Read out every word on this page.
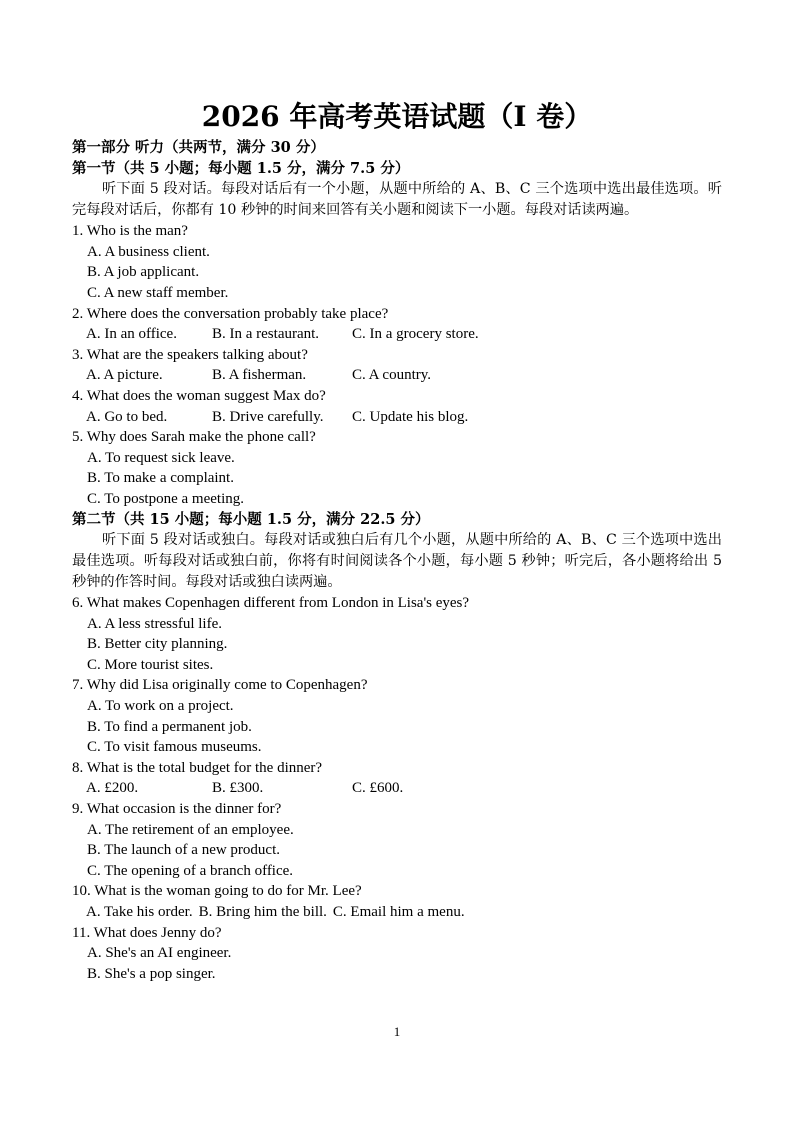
2026 年高考英语试题（I 卷）
第一部分 听力（共两节，满分 30 分）
第一节（共 5 小题；每小题 1.5 分，满分 7.5 分）
听下面 5 段对话。每段对话后有一个小题，从题中所给的 A、B、C 三个选项中选出最佳选项。听完每段对话后，你都有 10 秒钟的时间来回答有关小题和阅读下一小题。每段对话读两遍。
1. Who is the man?
A. A business client.
B. A job applicant.
C. A new staff member.
2. Where does the conversation probably take place?
A. In an office.	B. In a restaurant.	C. In a grocery store.
3. What are the speakers talking about?
A. A picture.	B. A fisherman.	C. A country.
4. What does the woman suggest Max do?
A. Go to bed.	B. Drive carefully.	C. Update his blog.
5. Why does Sarah make the phone call?
A. To request sick leave.
B. To make a complaint.
C. To postpone a meeting.
第二节（共 15 小题；每小题 1.5 分，满分 22.5 分）
听下面 5 段对话或独白。每段对话或独白后有几个小题，从题中所给的 A、B、C 三个选项中选出最佳选项。听每段对话或独白前，你将有时间阅读各个小题，每小题 5 秒钟；听完后，各小题将给出 5 秒钟的作答时间。每段对话或独白读两遍。
6. What makes Copenhagen different from London in Lisa's eyes?
A. A less stressful life.
B. Better city planning.
C. More tourist sites.
7. Why did Lisa originally come to Copenhagen?
A. To work on a project.
B. To find a permanent job.
C. To visit famous museums.
8. What is the total budget for the dinner?
A. £200.	B. £300.	C. £600.
9. What occasion is the dinner for?
A. The retirement of an employee.
B. The launch of a new product.
C. The opening of a branch office.
10. What is the woman going to do for Mr. Lee?
A. Take his order. B. Bring him the bill. C. Email him a menu.
11. What does Jenny do?
A. She's an AI engineer.
B. She's a pop singer.
1
